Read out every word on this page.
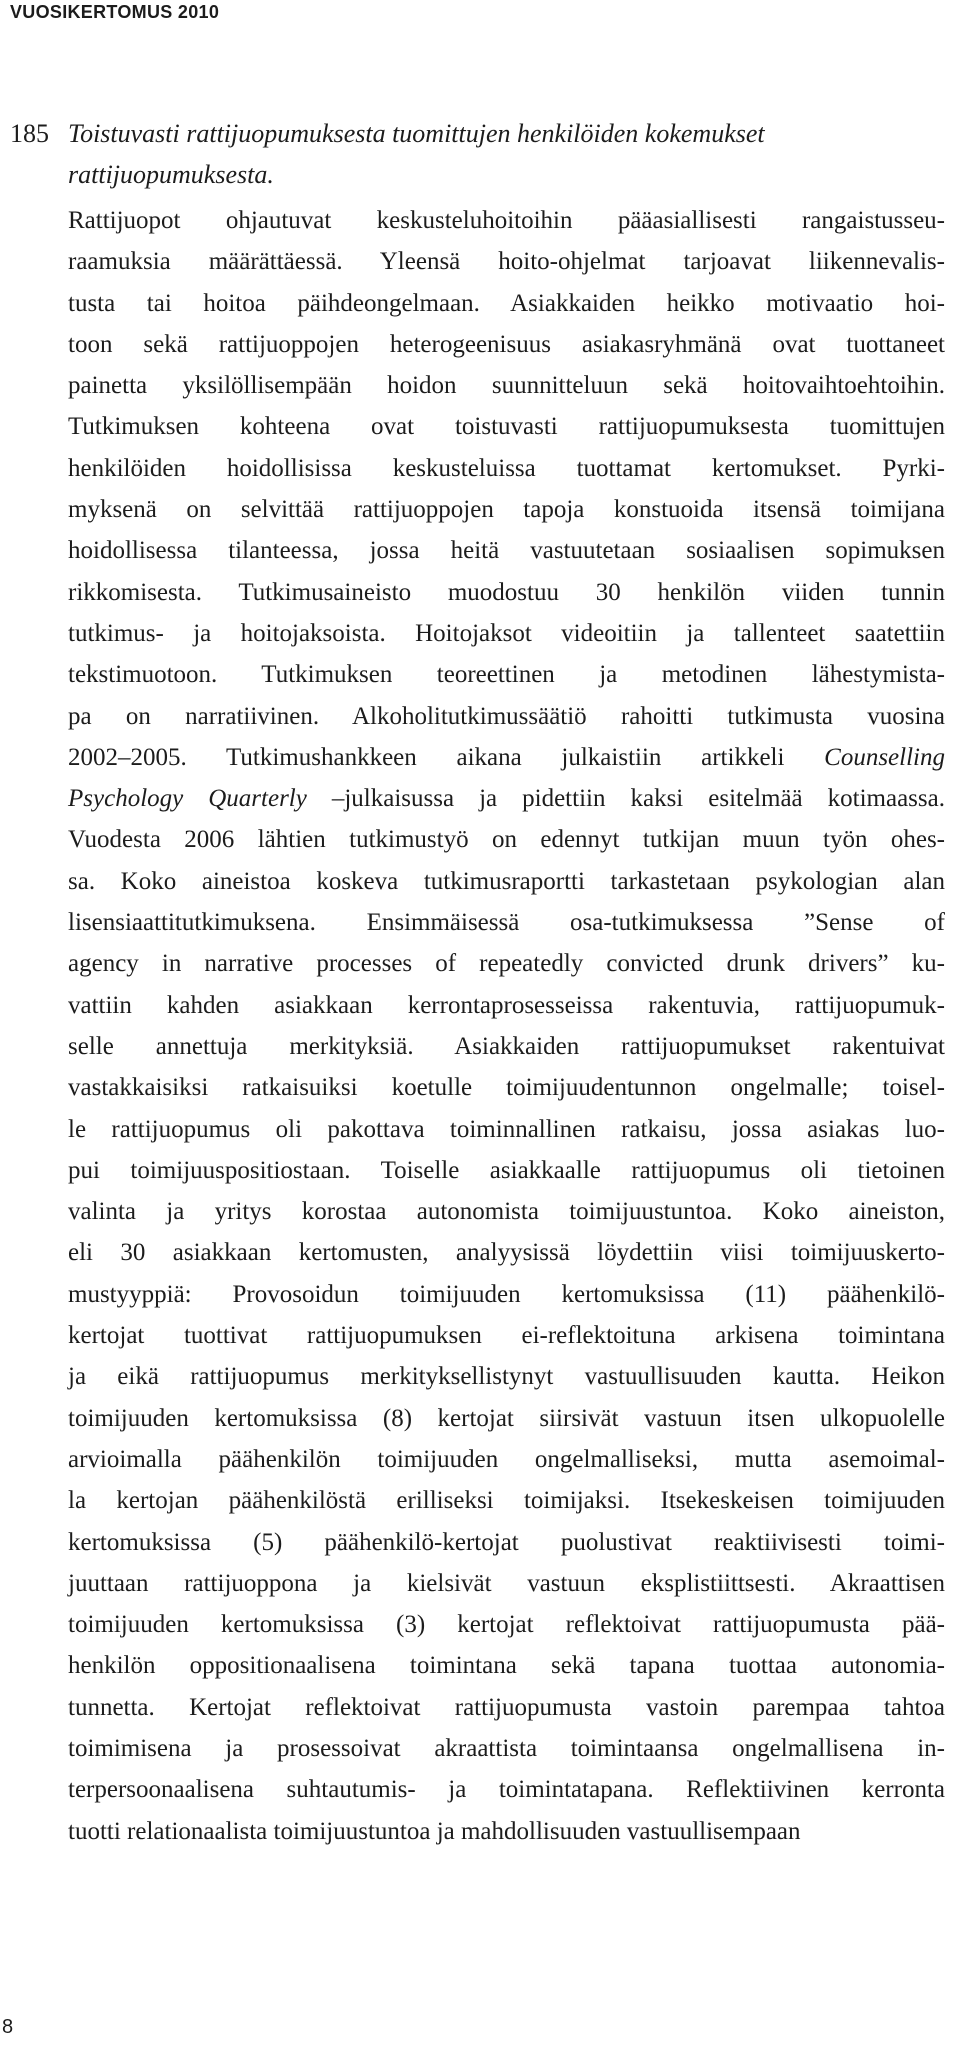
VUOSIKERTOMUS 2010
185 Toistuvasti rattijuopumuksesta tuomittujen henkilöiden kokemukset rattijuopumuksesta.
Rattijuopot ohjautuvat keskusteluhoitoihin pääasiallisesti rangaistusseu-
raamuksia määrättäessä. Yleensä hoito-ohjelmat tarjoavat liikennevalis-
tusta tai hoitoa päihdeongelmaan. Asiakkaiden heikko motivaatio hoi-
toon sekä rattijuoppojen heterogeenisuus asiakasryhmänä ovat tuottaneet
painetta yksilöllisempään hoidon suunnitteluun sekä hoitovaihtoehtoihin.
Tutkimuksen kohteena ovat toistuvasti rattijuopumuksesta tuomittujen
henkilöiden hoidollisissa keskusteluissa tuottamat kertomukset. Pyrki-
myksenä on selvittää rattijuoppojen tapoja konstuoida itsensä toimijana
hoidollisessa tilanteessa, jossa heitä vastuutetaan sosiaalisen sopimuksen
rikkomisesta. Tutkimusaineisto muodostuu 30 henkilön viiden tunnin
tutkimus- ja hoitojaksoista. Hoitojaksot videoitiin ja tallenteet saatettiin
tekstimuotoon. Tutkimuksen teoreettinen ja metodinen lähestymista-
pa on narratiivinen. Alkoholitutkimussäätiö rahoitti tutkimusta vuosina
2002–2005. Tutkimushankkeen aikana julkaistiin artikkeli Counselling
Psychology Quarterly –julkaisussa ja pidettiin kaksi esitelmää kotimaassa.
Vuodesta 2006 lähtien tutkimustyö on edennyt tutkijan muun työn ohes-
sa. Koko aineistoa koskeva tutkimusraportti tarkastetaan psykologian alan
lisensiaattitutkimuksena. Ensimmäisessä osa-tutkimuksessa ”Sense of
agency in narrative processes of repeatedly convicted drunk drivers” ku-
vattiin kahden asiakkaan kerrontaprosesseissa rakentuvia, rattijuopumuk-
selle annettuja merkityksiä. Asiakkaiden rattijuopumukset rakentuivat
vastakkaisiksi ratkaisuiksi koetulle toimijuudentunnon ongelmalle; toisel-
le rattijuopumus oli pakottava toiminnallinen ratkaisu, jossa asiakas luo-
pui toimijuuspositiostaan. Toiselle asiakkaalle rattijuopumus oli tietoinen
valinta ja yritys korostaa autonomista toimijuustuntoa. Koko aineiston,
eli 30 asiakkaan kertomusten, analyysissä löydettiin viisi toimijuuskerto-
mustyyppiä: Provosoidun toimijuuden kertomuksissa (11) päähenkilö-
kertojat tuottivat rattijuopumuksen ei-reflektoituna arkisena toimintana
ja eikä rattijuopumus merkityksellistynyt vastuullisuuden kautta. Heikon
toimijuuden kertomuksissa (8) kertojat siirsivät vastuun itsen ulkopuolelle
arvioimalla päähenkilön toimijuuden ongelmalliseksi, mutta asemoimal-
la kertojan päähenkilöstä erilliseksi toimijaksi. Itsekeskeisen toimijuuden
kertomuksissa (5) päähenkilö-kertojat puolustivat reaktiivisesti toimi-
juuttaan rattijuoppona ja kielsivät vastuun eksplistiittsesti. Akraattisen
toimijuuden kertomuksissa (3) kertojat reflektoivat rattijuopumusta pää-
henkilön oppositionaalisena toimintana sekä tapana tuottaa autonomia-
tunnetta. Kertojat reflektoivat rattijuopumusta vastoin parempaa tahtoa
toimimisena ja prosessoivat akraattista toimintaansa ongelmallisena in-
terpersoonaalisena suhtautumis- ja toimintatapana. Reflektiivinen kerronta
tuotti relationaalista toimijuustuntoa ja mahdollisuuden vastuullisempaan
8
